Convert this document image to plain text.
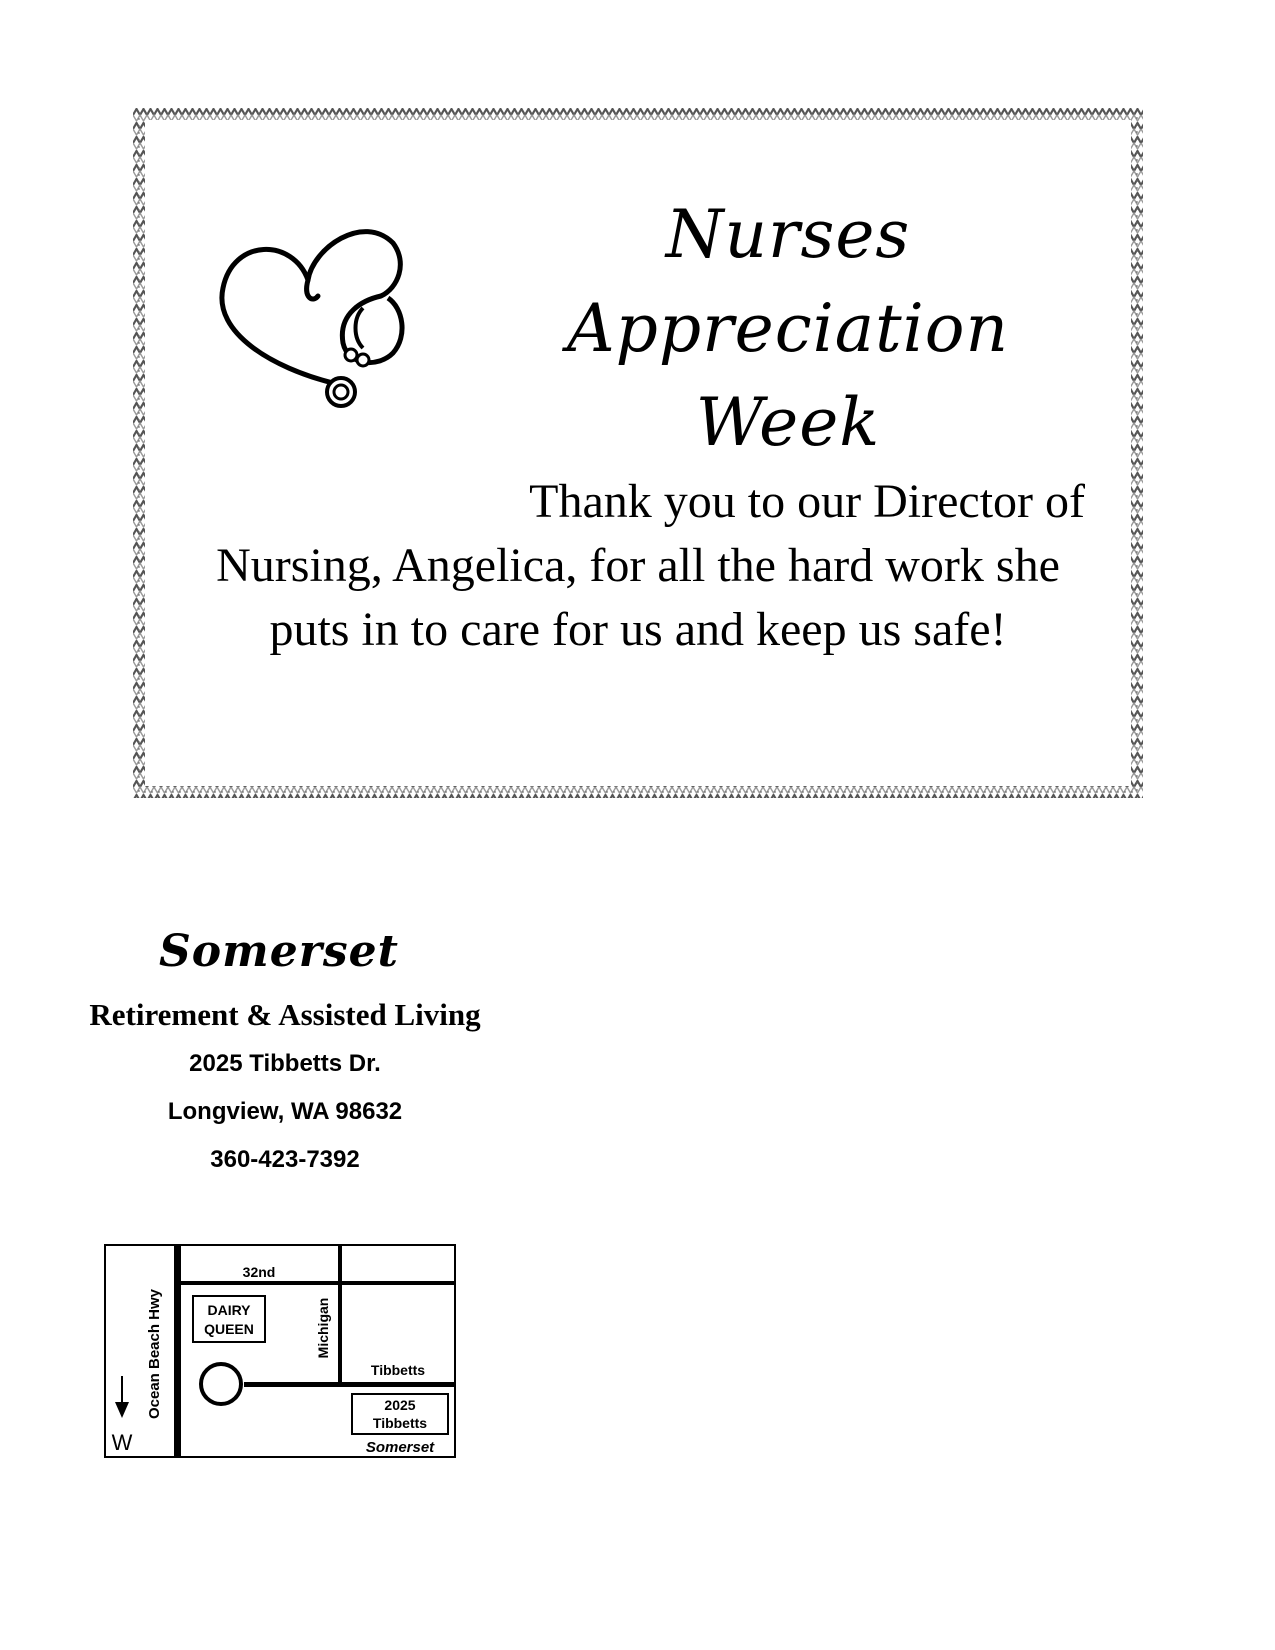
Nurses Appreciation
Week
Thank you to our Director of
Nursing, Angelica, for all the hard work she
puts in to care for us and keep us safe!
Somerset
Retirement & Assisted Living
2025 Tibbetts Dr.
Longview, WA 98632
360-423-7392
32nd
DAIRY
QUEEN	Michigan
Ocean Beach Hwy	Tibbetts
2025
Tibbetts
Somerset
W
